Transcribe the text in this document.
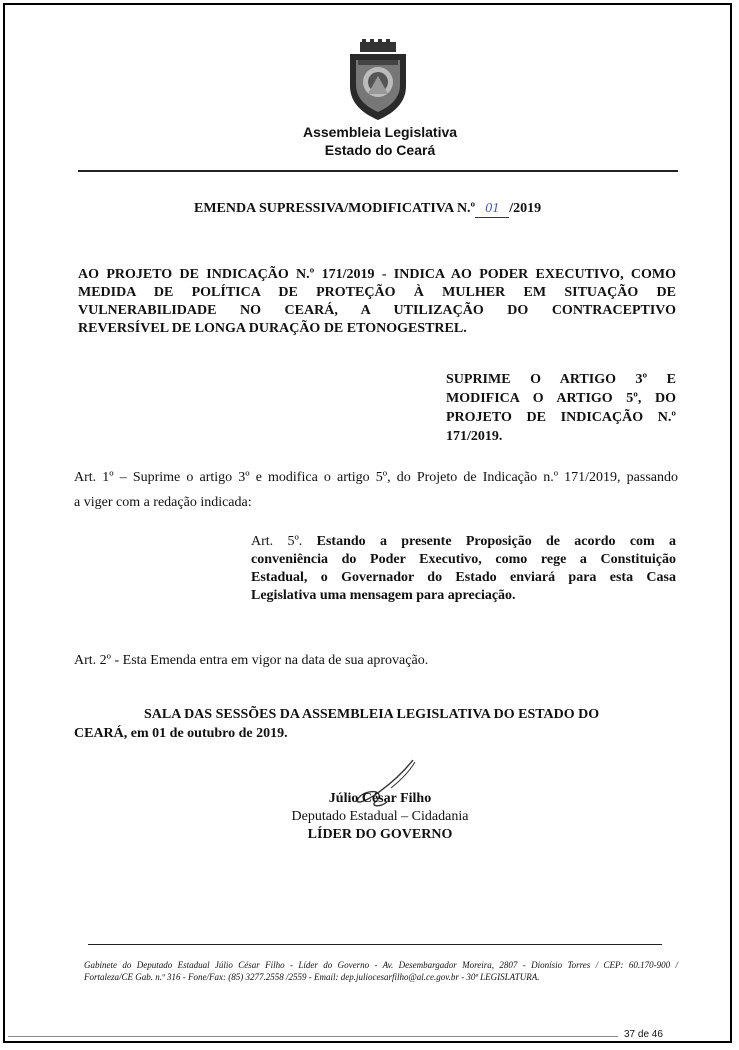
Assembleia Legislativa
Estado do Ceará
EMENDA SUPRESSIVA/MODIFICATIVA N.º 01 /2019
AO PROJETO DE INDICAÇÃO N.º 171/2019 - INDICA AO PODER EXECUTIVO, COMO
MEDIDA DE POLÍTICA DE PROTEÇÃO À MULHER EM SITUAÇÃO DE
VULNERABILIDADE NO CEARÁ, A UTILIZAÇÃO DO CONTRACEPTIVO
REVERSÍVEL DE LONGA DURAÇÃO DE ETONOGESTREL.
SUPRIME O ARTIGO 3º E
MODIFICA O ARTIGO 5º, DO
PROJETO DE INDICAÇÃO N.º
171/2019.
Art. 1º – Suprime o artigo 3º e modifica o artigo 5º, do Projeto de Indicação n.º 171/2019, passando
a viger com a redação indicada:
Art. 5º. Estando a presente Proposição de acordo com a
conveniência do Poder Executivo, como rege a Constituição
Estadual, o Governador do Estado enviará para esta Casa
Legislativa uma mensagem para apreciação.
Art. 2º - Esta Emenda entra em vigor na data de sua aprovação.
SALA DAS SESSÕES DA ASSEMBLEIA LEGISLATIVA DO ESTADO DO
CEARÁ, em 01 de outubro de 2019.
Júlio César Filho
Deputado Estadual – Cidadania
LÍDER DO GOVERNO
Gabinete do Deputado Estadual Júlio César Filho - Líder do Governo - Av. Desembargador Moreira, 2807 - Dionísio Torres / CEP: 60.170-900 /
Fortaleza/CE Gab. n.º 316 - Fone/Fax: (85) 3277.2558 /2559 - Email: dep.juliocesarfilho@al.ce.gov.br - 30ª LEGISLATURA.
37 de 46
